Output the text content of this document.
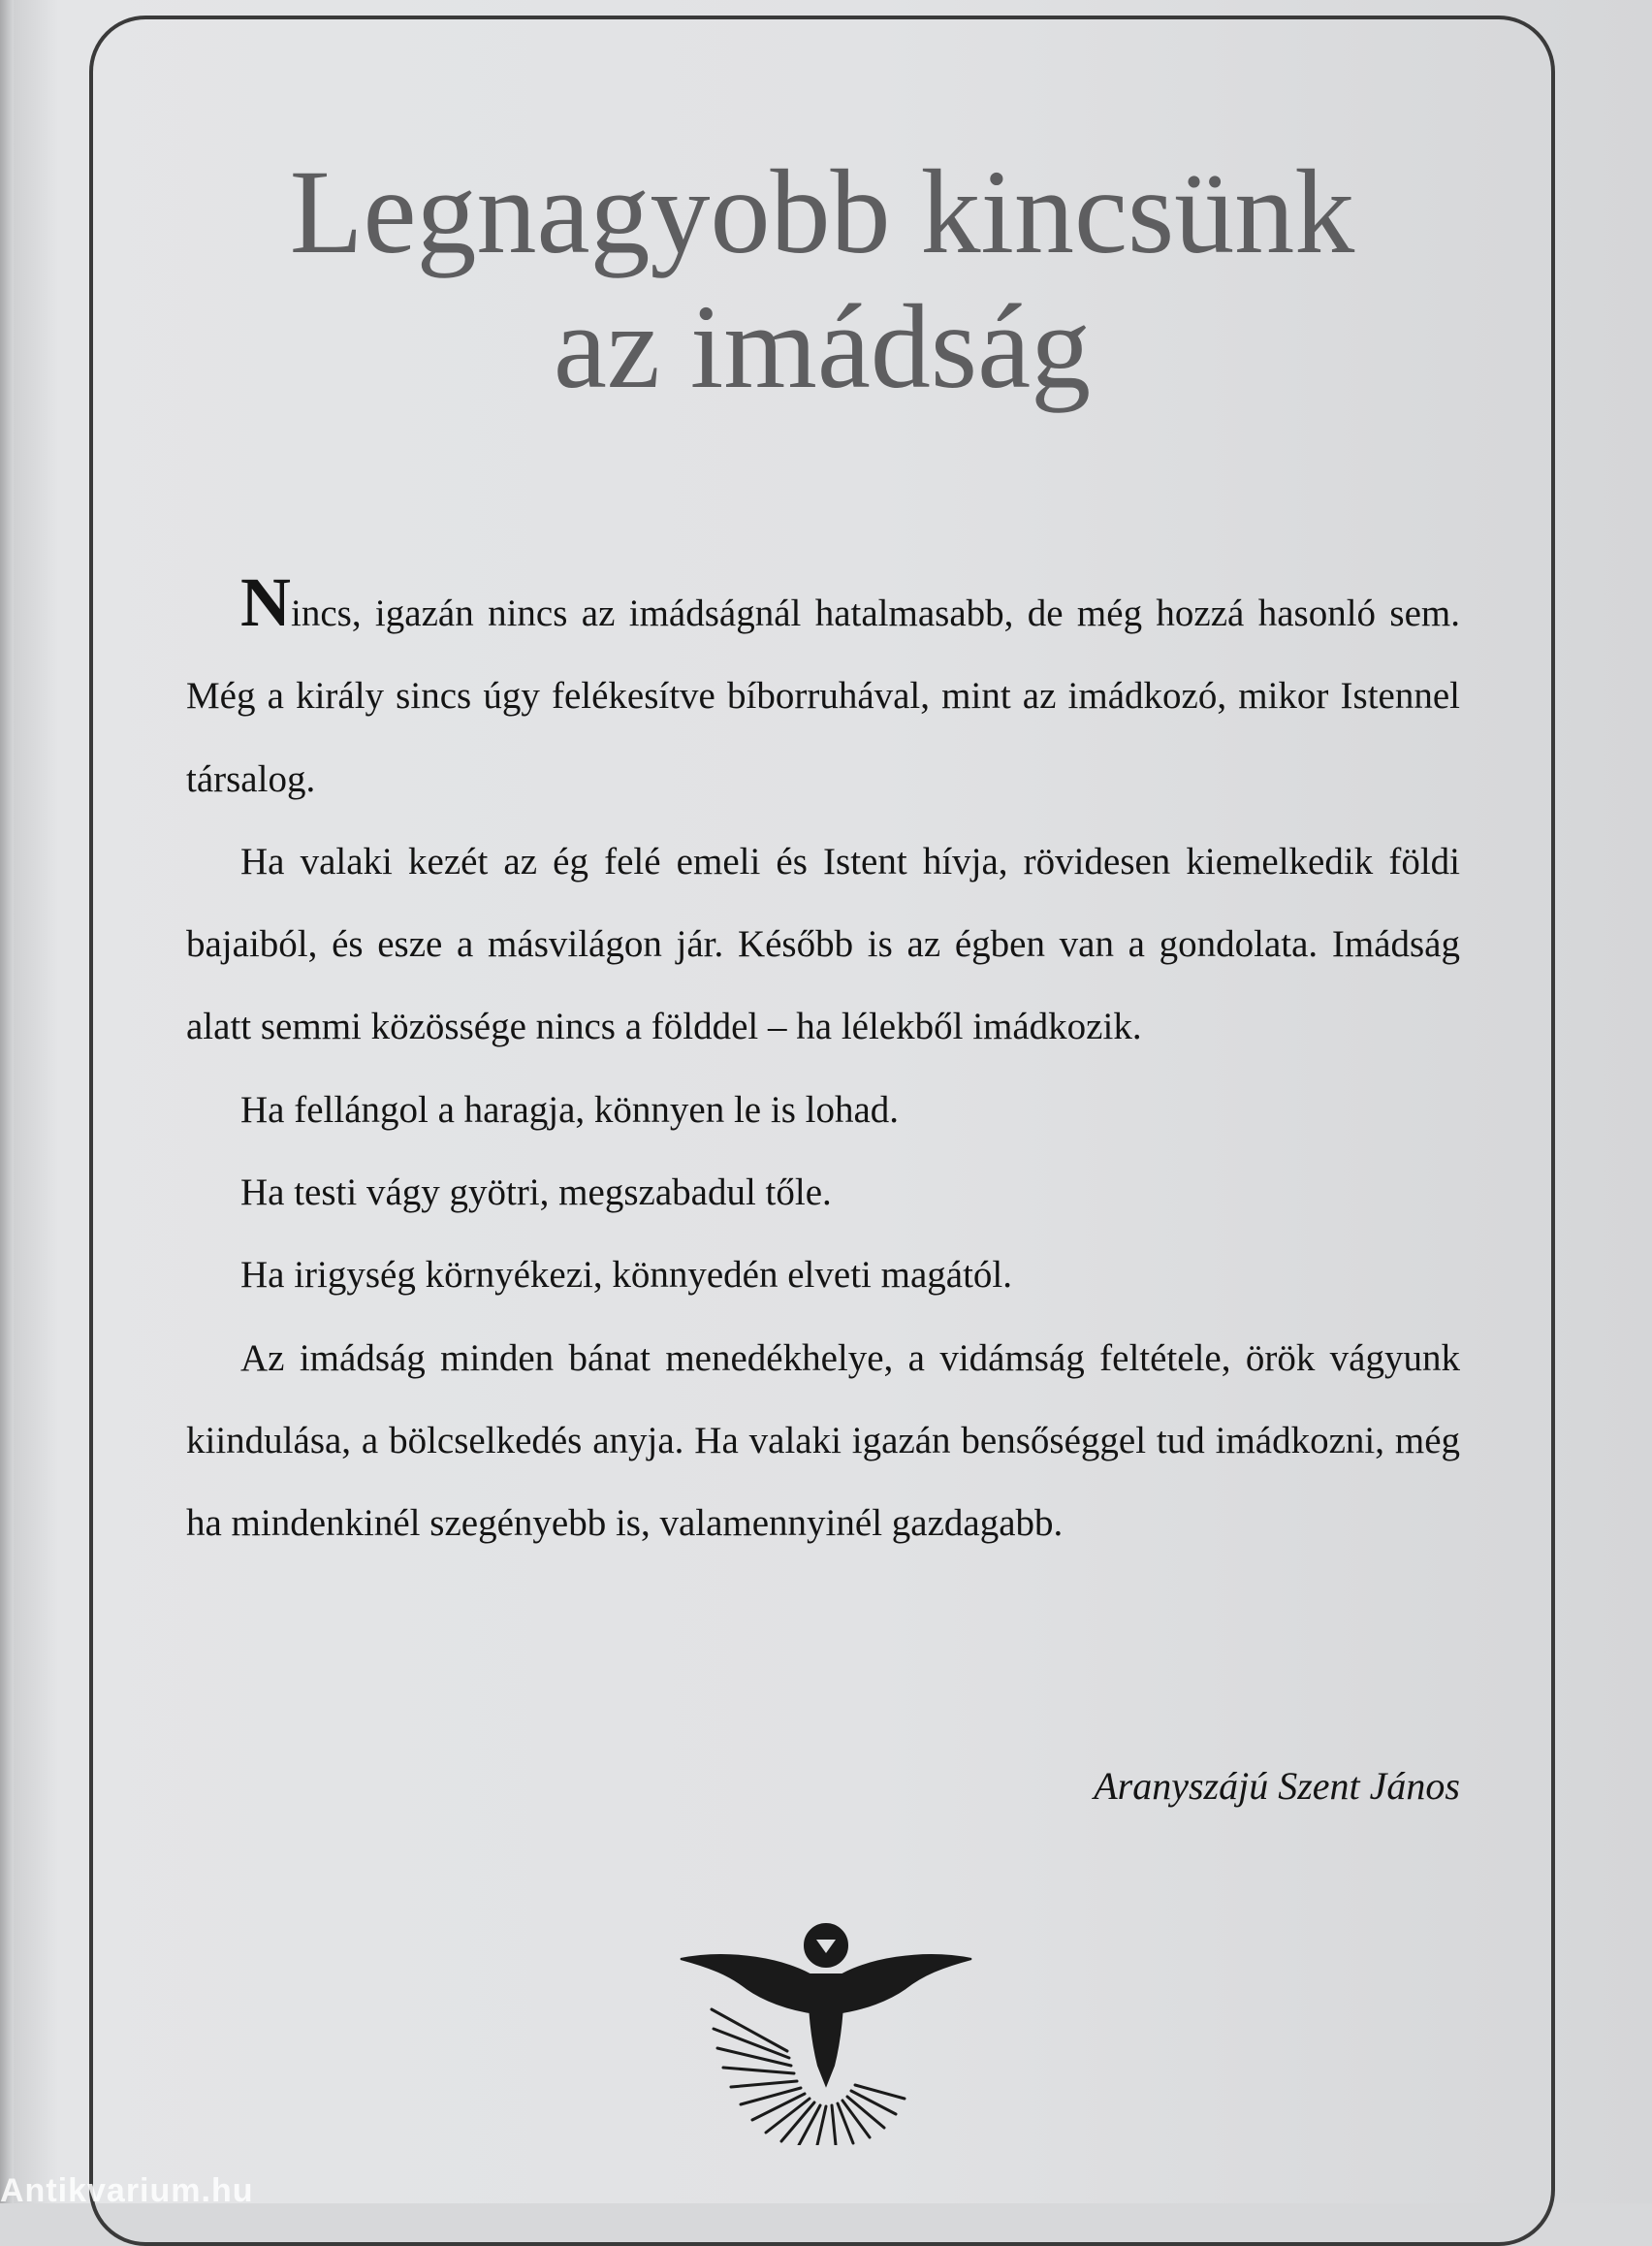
Legnagyobb kincsünk
az imádság

Nincs, igazán nincs az imádságnál hatalmasabb, de még hozzá hasonló sem. Még a király sincs úgy felékesítve bíborruhával, mint az imádkozó, mikor Istennel társalog.

Ha valaki kezét az ég felé emeli és Istent hívja, rövidesen kiemelkedik földi bajaiból, és esze a másvilágon jár. Később is az égben van a gondolata. Imádság alatt semmi közössége nincs a földdel – ha lélekből imádkozik.

Ha fellángol a haragja, könnyen le is lohad.

Ha testi vágy gyötri, megszabadul tőle.

Ha irigység környékezi, könnyedén elveti magától.

Az imádság minden bánat menedékhelye, a vidámság feltétele, örök vágyunk kiindulása, a bölcselkedés anyja. Ha valaki igazán bensőséggel tud imádkozni, még ha mindenkinél szegényebb is, valamennyinél gazdagabb.

Aranyszájú Szent János
Antikvarium.hu
